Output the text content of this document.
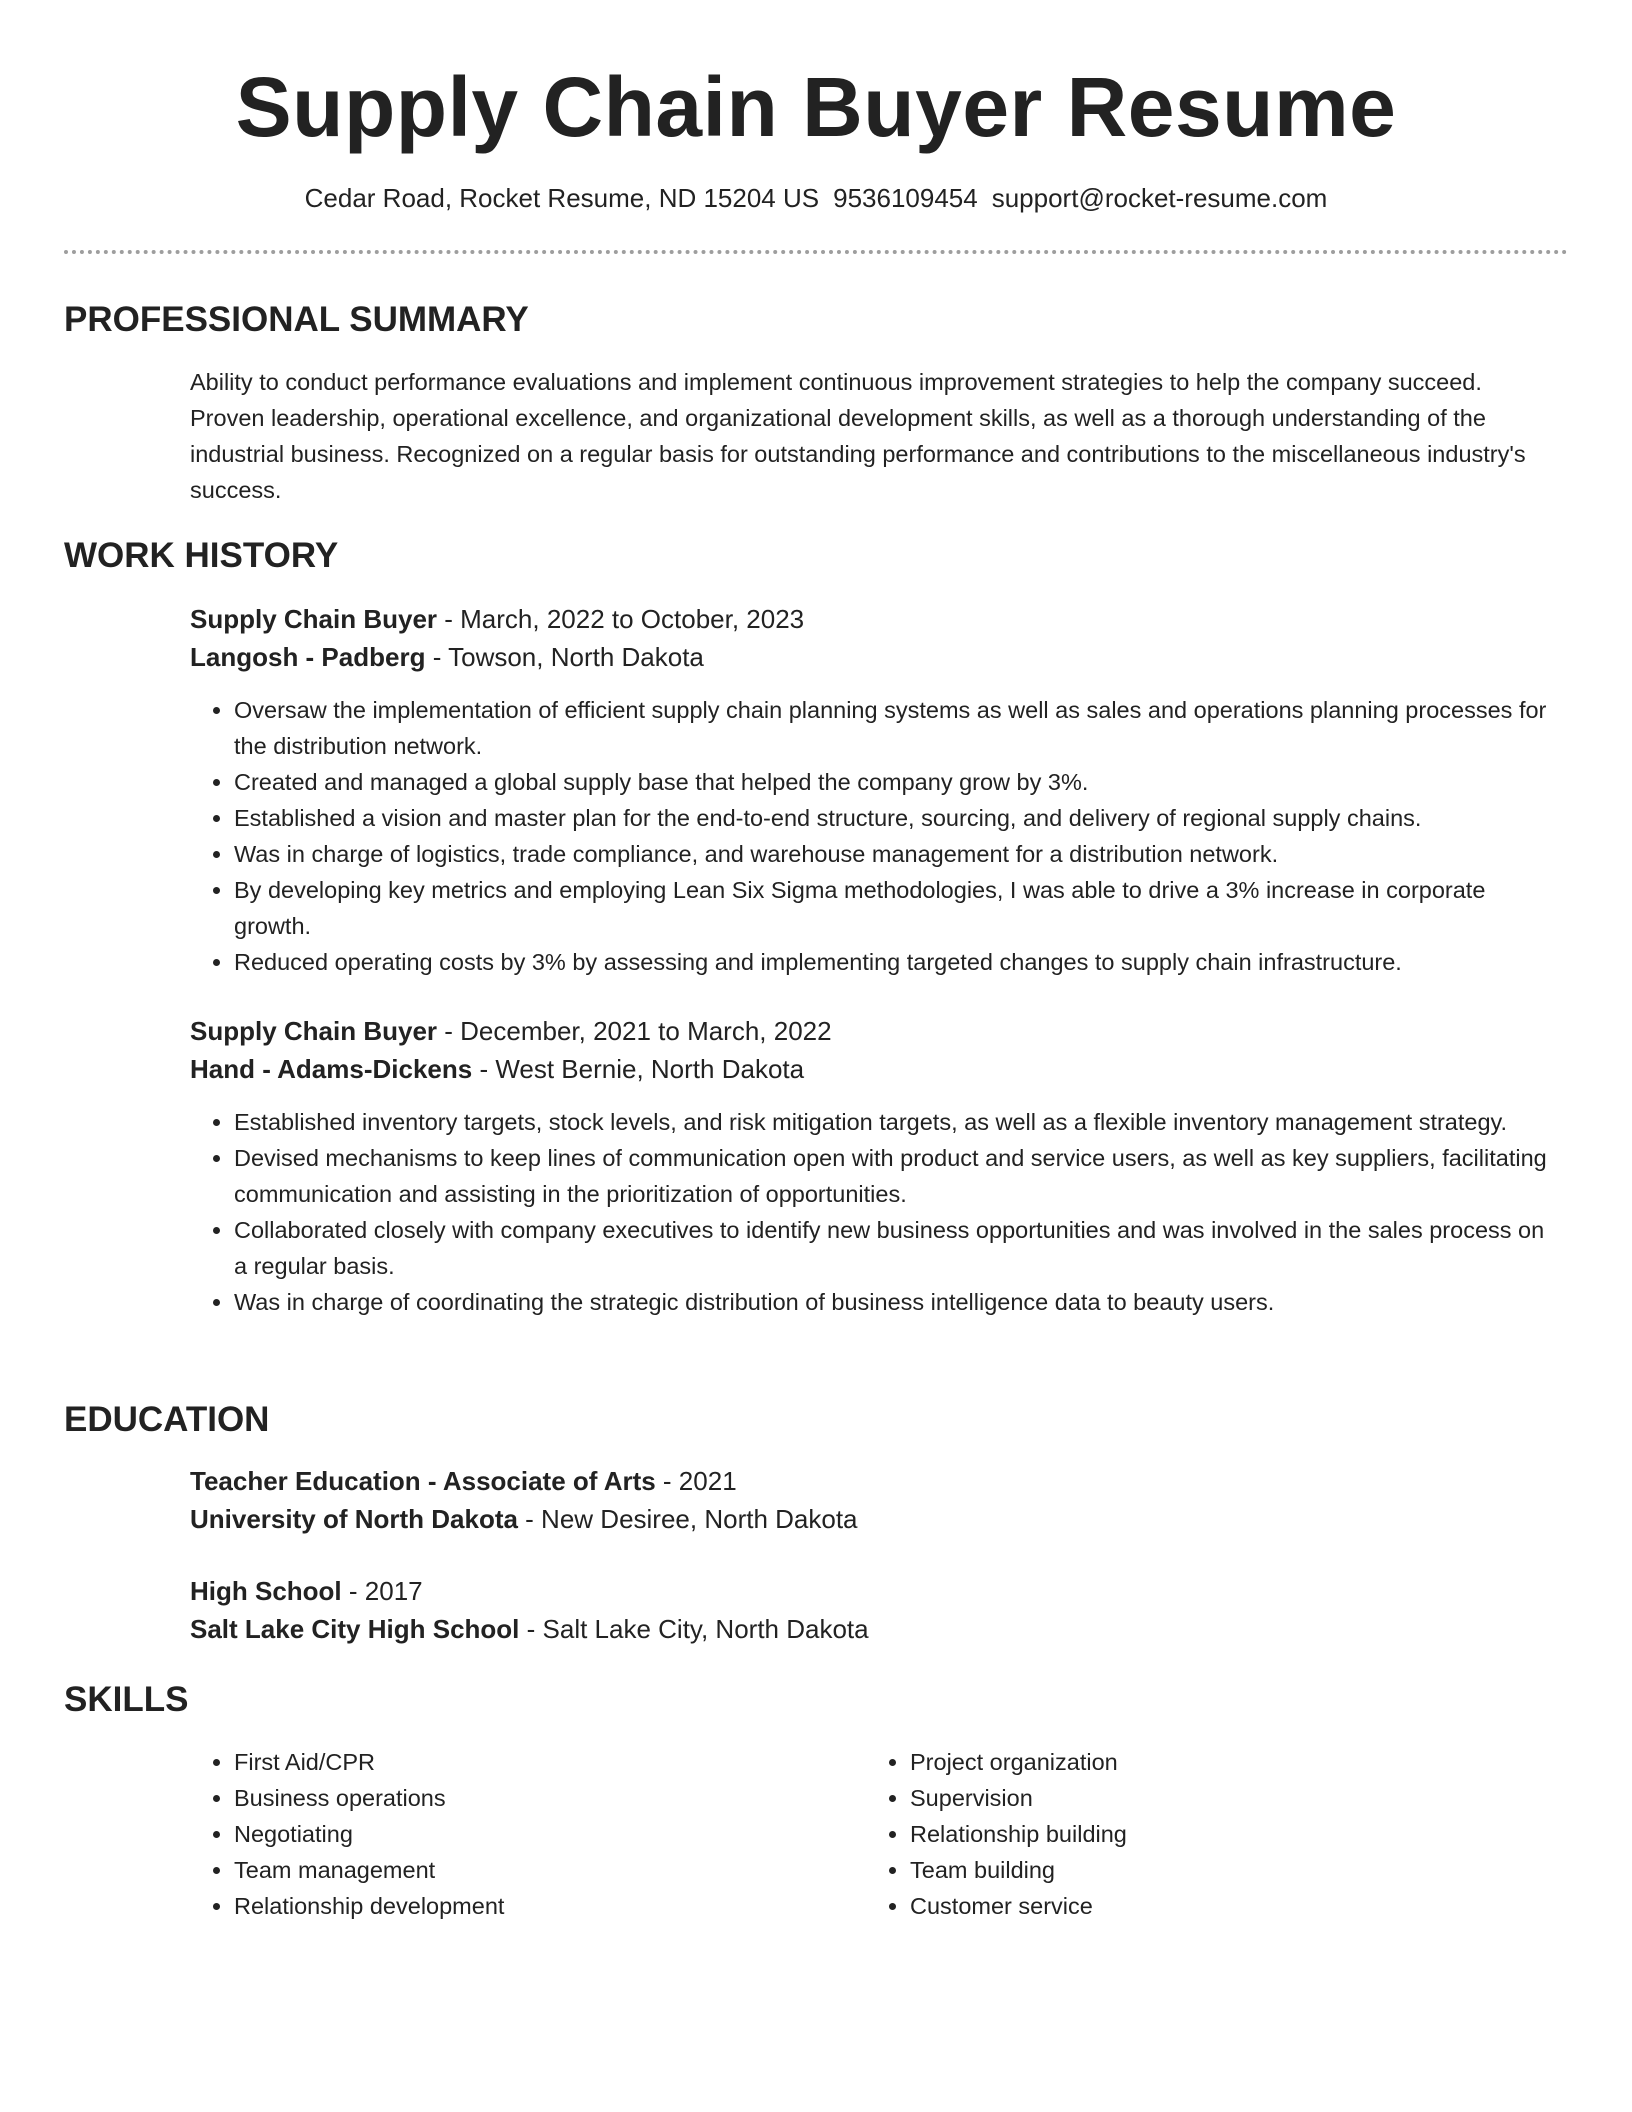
Supply Chain Buyer Resume
Cedar Road, Rocket Resume, ND 15204 US 9536109454 support@rocket-resume.com
PROFESSIONAL SUMMARY
Ability to conduct performance evaluations and implement continuous improvement strategies to help the company succeed. Proven leadership, operational excellence, and organizational development skills, as well as a thorough understanding of the industrial business. Recognized on a regular basis for outstanding performance and contributions to the miscellaneous industry's success.
WORK HISTORY
Supply Chain Buyer - March, 2022 to October, 2023
Langosh - Padberg - Towson, North Dakota
• Oversaw the implementation of efficient supply chain planning systems as well as sales and operations planning processes for the distribution network.
• Created and managed a global supply base that helped the company grow by 3%.
• Established a vision and master plan for the end-to-end structure, sourcing, and delivery of regional supply chains.
• Was in charge of logistics, trade compliance, and warehouse management for a distribution network.
• By developing key metrics and employing Lean Six Sigma methodologies, I was able to drive a 3% increase in corporate growth.
• Reduced operating costs by 3% by assessing and implementing targeted changes to supply chain infrastructure.
Supply Chain Buyer - December, 2021 to March, 2022
Hand - Adams-Dickens - West Bernie, North Dakota
• Established inventory targets, stock levels, and risk mitigation targets, as well as a flexible inventory management strategy.
• Devised mechanisms to keep lines of communication open with product and service users, as well as key suppliers, facilitating communication and assisting in the prioritization of opportunities.
• Collaborated closely with company executives to identify new business opportunities and was involved in the sales process on a regular basis.
• Was in charge of coordinating the strategic distribution of business intelligence data to beauty users.
EDUCATION
Teacher Education - Associate of Arts - 2021
University of North Dakota - New Desiree, North Dakota
High School - 2017
Salt Lake City High School - Salt Lake City, North Dakota
SKILLS
• First Aid/CPR
• Business operations
• Negotiating
• Team management
• Relationship development
• Project organization
• Supervision
• Relationship building
• Team building
• Customer service
